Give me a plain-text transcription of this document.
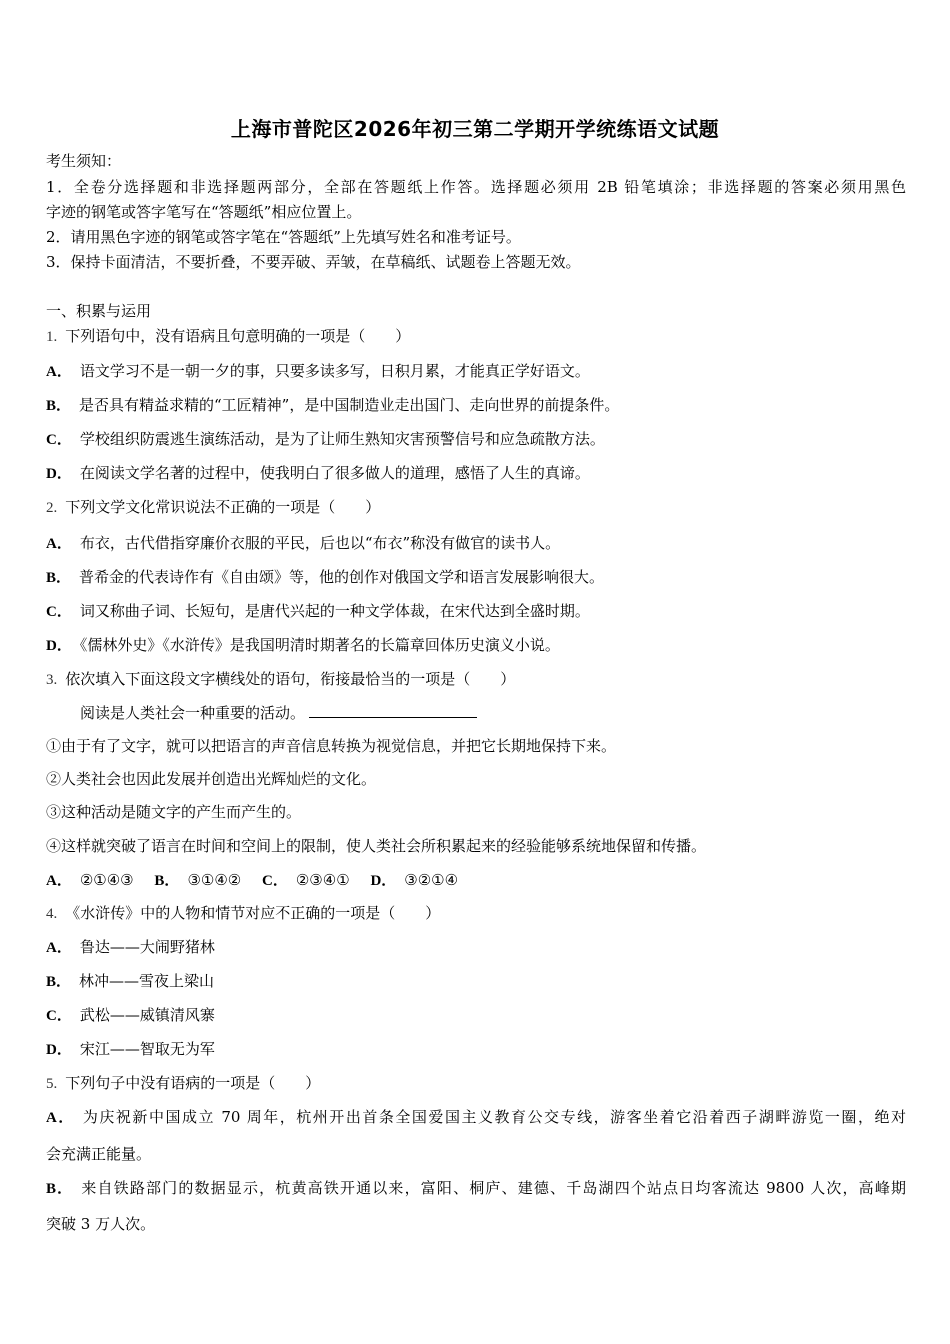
上海市普陀区2026年初三第二学期开学统练语文试题
考生须知：
1．全卷分选择题和非选择题两部分，全部在答题纸上作答。选择题必须用 2B 铅笔填涂；非选择题的答案必须用黑色
字迹的钢笔或答字笔写在“答题纸”相应位置上。
2．请用黑色字迹的钢笔或答字笔在“答题纸”上先填写姓名和准考证号。
3．保持卡面清洁，不要折叠，不要弄破、弄皱，在草稿纸、试题卷上答题无效。
一、积累与运用
1. 下列语句中，没有语病且句意明确的一项是（　　）
A． 语文学习不是一朝一夕的事，只要多读多写，日积月累，才能真正学好语文。
B． 是否具有精益求精的“工匠精神”，是中国制造业走出国门、走向世界的前提条件。
C． 学校组织防震逃生演练活动，是为了让师生熟知灾害预警信号和应急疏散方法。
D． 在阅读文学名著的过程中，使我明白了很多做人的道理，感悟了人生的真谛。
2. 下列文学文化常识说法不正确的一项是（　　）
A． 布衣，古代借指穿廉价衣服的平民，后也以“布衣”称没有做官的读书人。
B． 普希金的代表诗作有《自由颂》等，他的创作对俄国文学和语言发展影响很大。
C． 词又称曲子词、长短句，是唐代兴起的一种文学体裁，在宋代达到全盛时期。
D． 《儒林外史》《水浒传》是我国明清时期著名的长篇章回体历史演义小说。
3. 依次填入下面这段文字横线处的语句，衔接最恰当的一项是（　　）
阅读是人类社会一种重要的活动。
①由于有了文字，就可以把语言的声音信息转换为视觉信息，并把它长期地保持下来。
②人类社会也因此发展并创造出光辉灿烂的文化。
③这种活动是随文字的产生而产生的。
④这样就突破了语言在时间和空间上的限制，使人类社会所积累起来的经验能够系统地保留和传播。
A． ②①④③ B． ③①④② C． ②③④① D． ③②①④
4. 《水浒传》中的人物和情节对应不正确的一项是（　　）
A． 鲁达——大闹野猪林
B． 林冲——雪夜上梁山
C． 武松——威镇清风寨
D． 宋江——智取无为军
5. 下列句子中没有语病的一项是（　　）
A． 为庆祝新中国成立 70 周年，杭州开出首条全国爱国主义教育公交专线，游客坐着它沿着西子湖畔游览一圈，绝对
会充满正能量。
B． 来自铁路部门的数据显示，杭黄高铁开通以来，富阳、桐庐、建德、千岛湖四个站点日均客流达 9800 人次，高峰期
突破 3 万人次。
